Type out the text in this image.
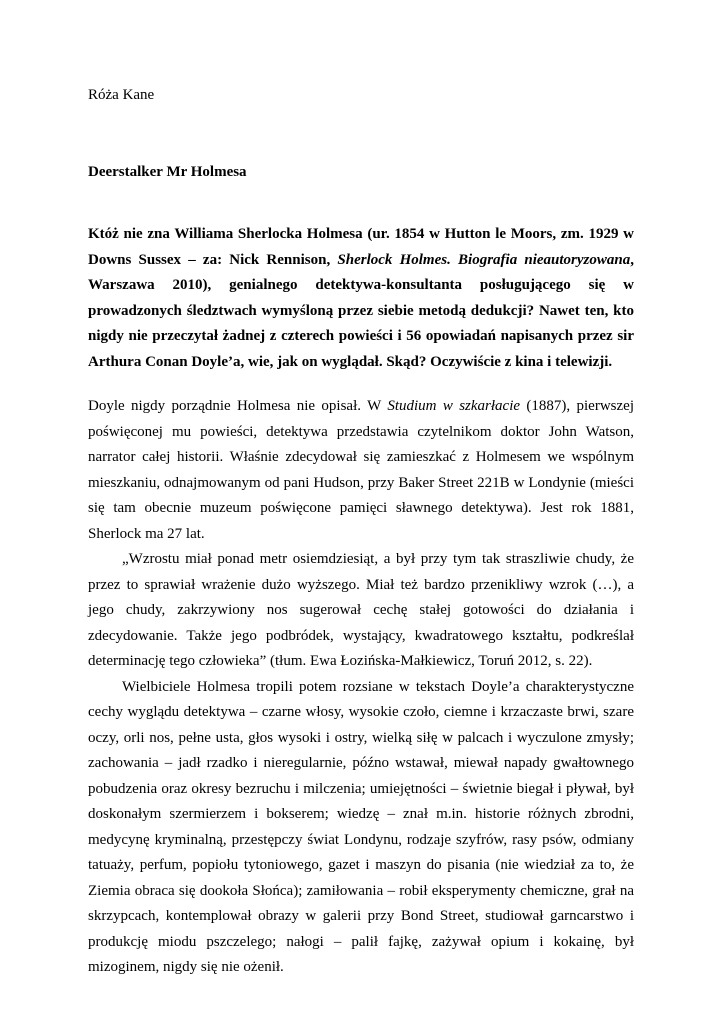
Róża Kane

Deerstalker Mr Holmesa

Któż nie zna Williama Sherlocka Holmesa (ur. 1854 w Hutton le Moors, zm. 1929 w Downs Sussex – za: Nick Rennison, Sherlock Holmes. Biografia nieautoryzowana, Warszawa 2010), genialnego detektywa-konsultanta posługującego się w prowadzonych śledztwach wymyśloną przez siebie metodą dedukcji? Nawet ten, kto nigdy nie przeczytał żadnej z czterech powieści i 56 opowiadań napisanych przez sir Arthura Conan Doyle’a, wie, jak on wyglądał. Skąd? Oczywiście z kina i telewizji.

Doyle nigdy porządnie Holmesa nie opisał. W Studium w szkarłacie (1887), pierwszej poświęconej mu powieści, detektywa przedstawia czytelnikom doktor John Watson, narrator całej historii. Właśnie zdecydował się zamieszkać z Holmesem we wspólnym mieszkaniu, odnajmowanym od pani Hudson, przy Baker Street 221B w Londynie (mieści się tam obecnie muzeum poświęcone pamięci sławnego detektywa). Jest rok 1881, Sherlock ma 27 lat.

„Wzrostu miał ponad metr osiemdziesiąt, a był przy tym tak straszliwie chudy, że przez to sprawiał wrażenie dużo wyższego. Miał też bardzo przenikliwy wzrok (…), a jego chudy, zakrzywiony nos sugerował cechę stałej gotowości do działania i zdecydowanie. Także jego podbródek, wystający, kwadratowego kształtu, podkreślał determinację tego człowieka” (tłum. Ewa Łozińska-Małkiewicz, Toruń 2012, s. 22).

Wielbiciele Holmesa tropili potem rozsiane w tekstach Doyle’a charakterystyczne cechy wyglądu detektywa – czarne włosy, wysokie czoło, ciemne i krzaczaste brwi, szare oczy, orli nos, pełne usta, głos wysoki i ostry, wielką siłę w palcach i wyczulone zmysły; zachowania – jadł rzadko i nieregularnie, późno wstawał, miewał napady gwałtownego pobudzenia oraz okresy bezruchu i milczenia; umiejętności – świetnie biegał i pływał, był doskonałym szermierzem i bokserem; wiedzę – znał m.in. historie różnych zbrodni, medycynę kryminalną, przestępczy świat Londynu, rodzaje szyfrów, rasy psów, odmiany tatuaży, perfum, popiołu tytoniowego, gazet i maszyn do pisania (nie wiedział za to, że Ziemia obraca się dookoła Słońca); zamiłowania – robił eksperymenty chemiczne, grał na skrzypcach, kontemplował obrazy w galerii przy Bond Street, studiował garncarstwo i produkcję miodu pszczelego; nałogi – palił fajkę, zażywał opium i kokainę, był mizoginem, nigdy się nie ożenił.
